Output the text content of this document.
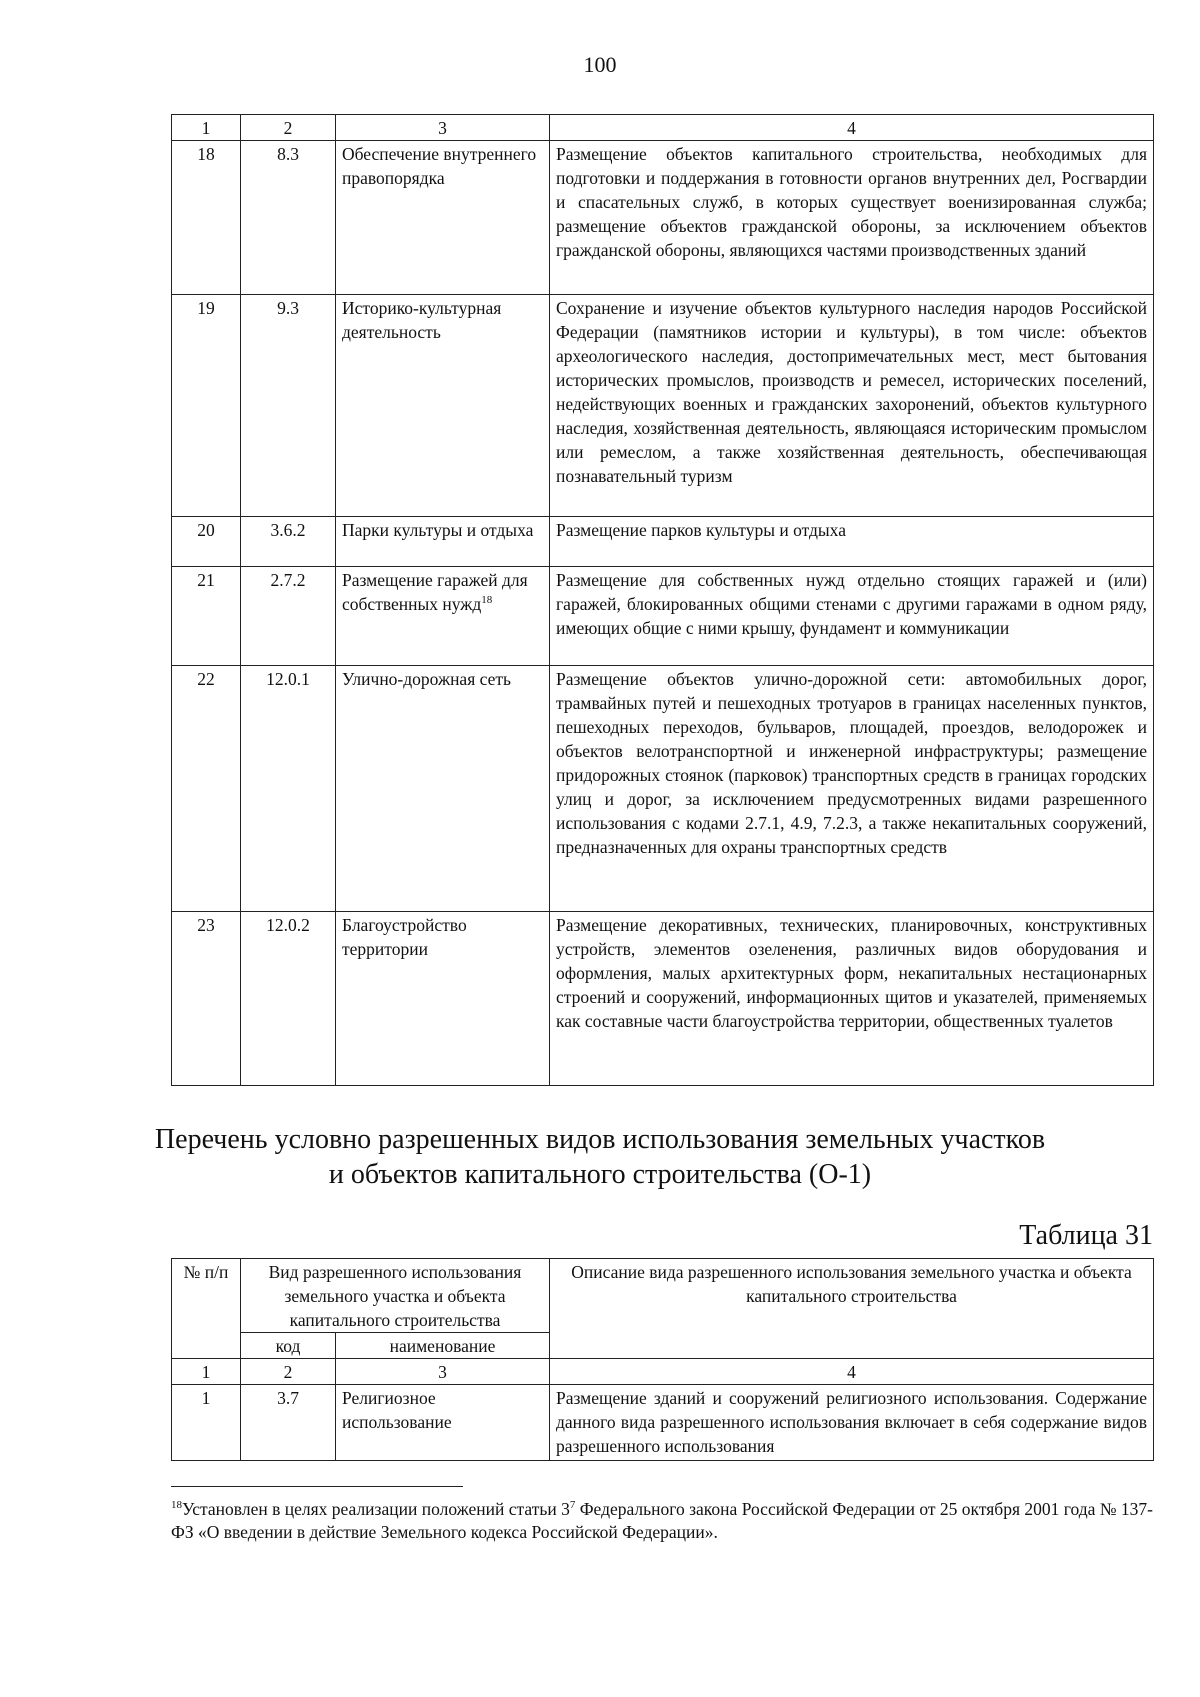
100
1	2	3	4
18	8.3	Обеспечение внутреннего правопорядка	Размещение объектов капитального строительства, необходимых для подготовки и поддержания в готовности органов внутренних дел, Росгвардии и спасательных служб, в которых существует военизированная служба; размещение объектов гражданской обороны, за исключением объектов гражданской обороны, являющихся частями производственных зданий
19	9.3	Историко-культурная деятельность	Сохранение и изучение объектов культурного наследия народов Российской Федерации (памятников истории и культуры), в том числе: объектов археологического наследия, достопримечательных мест, мест бытования исторических промыслов, производств и ремесел, исторических поселений, недействующих военных и гражданских захоронений, объектов культурного наследия, хозяйственная деятельность, являющаяся историческим промыслом или ремеслом, а также хозяйственная деятельность, обеспечивающая познавательный туризм
20	3.6.2	Парки культуры и отдыха	Размещение парков культуры и отдыха
21	2.7.2	Размещение гаражей для собственных нужд$^{18}$	Размещение для собственных нужд отдельно стоящих гаражей и (или) гаражей, блокированных общими стенами с другими гаражами в одном ряду, имеющих общие с ними крышу, фундамент и коммуникации
22	12.0.1	Улично-дорожная сеть	Размещение объектов улично-дорожной сети: автомобильных дорог, трамвайных путей и пешеходных тротуаров в границах населенных пунктов, пешеходных переходов, бульваров, площадей, проездов, велодорожек и объектов велотранспортной и инженерной инфраструктуры; размещение придорожных стоянок (парковок) транспортных средств в границах городских улиц и дорог, за исключением предусмотренных видами разрешенного использования с кодами 2.7.1, 4.9, 7.2.3, а также некапитальных сооружений, предназначенных для охраны транспортных средств
23	12.0.2	Благоустройство территории	Размещение декоративных, технических, планировочных, конструктивных устройств, элементов озеленения, различных видов оборудования и оформления, малых архитектурных форм, некапитальных нестационарных строений и сооружений, информационных щитов и указателей, применяемых как составные части благоустройства территории, общественных туалетов
Перечень условно разрешенных видов использования земельных участков
и объектов капитального строительства (О-1)
Таблица 31
№ п/п	Вид разрешенного использования земельного участка и объекта капитального строительства		Описание вида разрешенного использования земельного участка и объекта капитального строительства
	код	наименование	
1	2	3	4
1	3.7	Религиозное использование	Размещение зданий и сооружений религиозного использования. Содержание данного вида разрешенного использования включает в себя содержание видов разрешенного использования
$^{18}$Установлен в целях реализации положений статьи $3^7$ Федерального закона Российской Федерации от 25 октября 2001 года № 137-ФЗ «О введении в действие Земельного кодекса Российской Федерации».
